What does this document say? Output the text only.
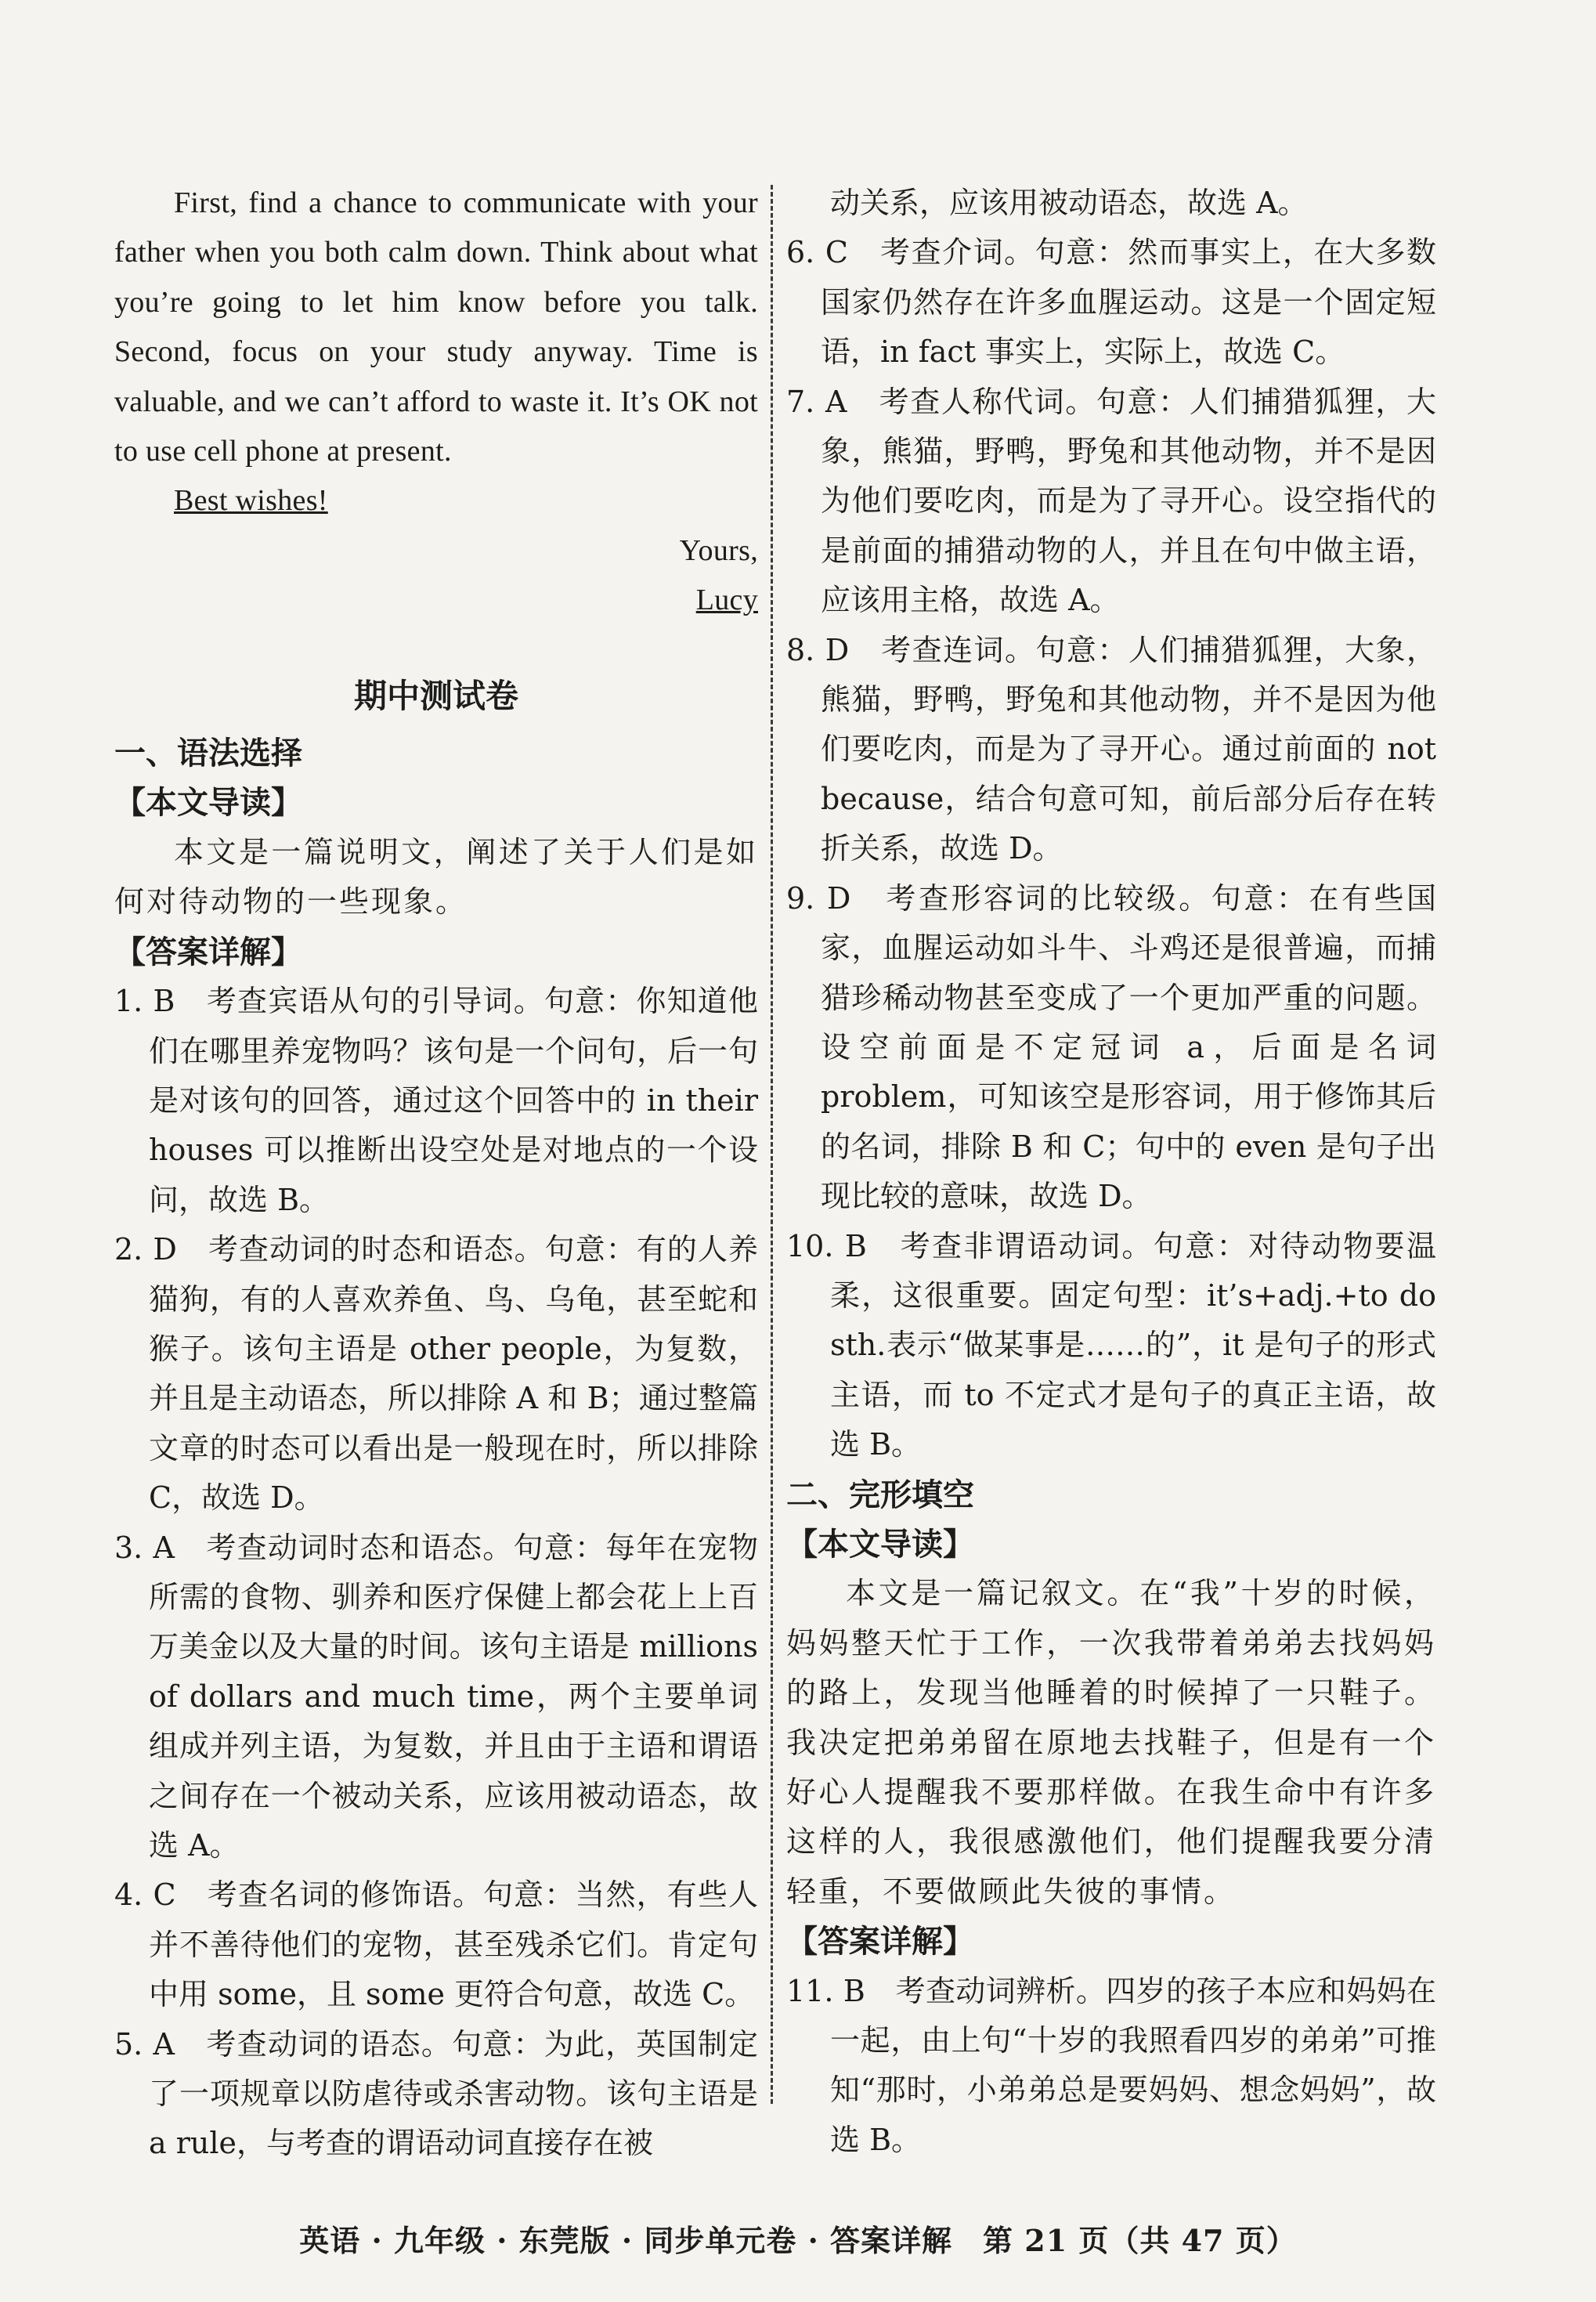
First, find a chance to communicate with your father when you both calm down. Think about what you’re going to let him know before you talk. Second, focus on your study anyway. Time is valuable, and we can’t afford to waste it. It’s OK not to use cell phone at present.

Best wishes!

Yours,

Lucy

期中测试卷

一、语法选择

【本文导读】

本文是一篇说明文，阐述了关于人们是如何对待动物的一些现象。

【答案详解】

1. B　考查宾语从句的引导词。句意：你知道他们在哪里养宠物吗？该句是一个问句，后一句是对该句的回答，通过这个回答中的 in their houses 可以推断出设空处是对地点的一个设问，故选 B。

2. D　考查动词的时态和语态。句意：有的人养猫狗，有的人喜欢养鱼、鸟、乌龟，甚至蛇和猴子。该句主语是 other people，为复数，并且是主动语态，所以排除 A 和 B；通过整篇文章的时态可以看出是一般现在时，所以排除 C，故选 D。

3. A　考查动词时态和语态。句意：每年在宠物所需的食物、驯养和医疗保健上都会花上上百万美金以及大量的时间。该句主语是 millions of dollars and much time，两个主要单词组成并列主语，为复数，并且由于主语和谓语之间存在一个被动关系，应该用被动语态，故选 A。

4. C　考查名词的修饰语。句意：当然，有些人并不善待他们的宠物，甚至残杀它们。肯定句中用 some，且 some 更符合句意，故选 C。

5. A　考查动词的语态。句意：为此，英国制定了一项规章以防虐待或杀害动物。该句主语是 a rule，与考查的谓语动词直接存在被

动关系，应该用被动语态，故选 A。

6. C　考查介词。句意：然而事实上，在大多数国家仍然存在许多血腥运动。这是一个固定短语，in fact 事实上，实际上，故选 C。

7. A　考查人称代词。句意：人们捕猎狐狸，大象，熊猫，野鸭，野兔和其他动物，并不是因为他们要吃肉，而是为了寻开心。设空指代的是前面的捕猎动物的人，并且在句中做主语，应该用主格，故选 A。

8. D　考查连词。句意：人们捕猎狐狸，大象，熊猫，野鸭，野兔和其他动物，并不是因为他们要吃肉，而是为了寻开心。通过前面的 not because，结合句意可知，前后部分后存在转折关系，故选 D。

9. D　考查形容词的比较级。句意：在有些国家，血腥运动如斗牛、斗鸡还是很普遍，而捕猎珍稀动物甚至变成了一个更加严重的问题。设空前面是不定冠词 a，后面是名词 problem，可知该空是形容词，用于修饰其后的名词，排除 B 和 C；句中的 even 是句子出现比较的意味，故选 D。

10. B　考查非谓语动词。句意：对待动物要温柔，这很重要。固定句型：it’s+adj.+to do sth.表示“做某事是……的”，it 是句子的形式主语，而 to 不定式才是句子的真正主语，故选 B。

二、完形填空

【本文导读】

本文是一篇记叙文。在“我”十岁的时候，妈妈整天忙于工作，一次我带着弟弟去找妈妈的路上，发现当他睡着的时候掉了一只鞋子。我决定把弟弟留在原地去找鞋子，但是有一个好心人提醒我不要那样做。在我生命中有许多这样的人，我很感激他们，他们提醒我要分清轻重，不要做顾此失彼的事情。

【答案详解】

11. B　考查动词辨析。四岁的孩子本应和妈妈在一起，由上句“十岁的我照看四岁的弟弟”可推知“那时，小弟弟总是要妈妈、想念妈妈”，故选 B。

英语 · 九年级 · 东莞版 · 同步单元卷 · 答案详解　第 21 页（共 47 页）
